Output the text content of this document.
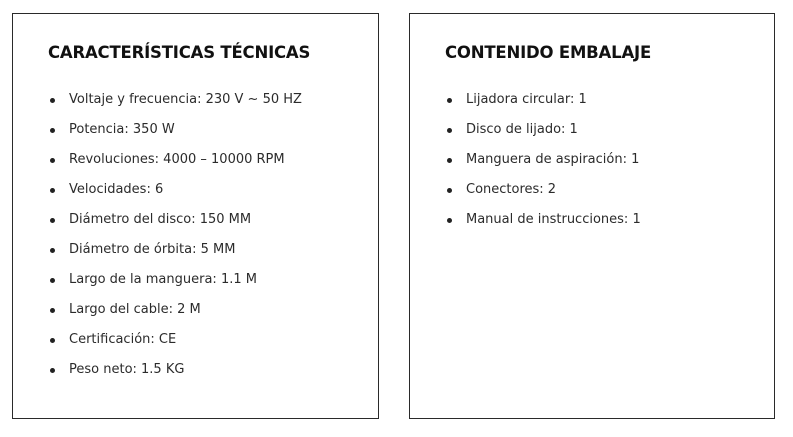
CARACTERÍSTICAS TÉCNICAS
Voltaje y frecuencia: 230 V ~ 50 HZ
Potencia: 350 W
Revoluciones: 4000 – 10000 RPM
Velocidades: 6
Diámetro del disco: 150 MM
Diámetro de órbita: 5 MM
Largo de la manguera: 1.1 M
Largo del cable: 2 M
Certificación: CE
Peso neto: 1.5 KG
CONTENIDO EMBALAJE
Lijadora circular: 1
Disco de lijado: 1
Manguera de aspiración: 1
Conectores: 2
Manual de instrucciones: 1
